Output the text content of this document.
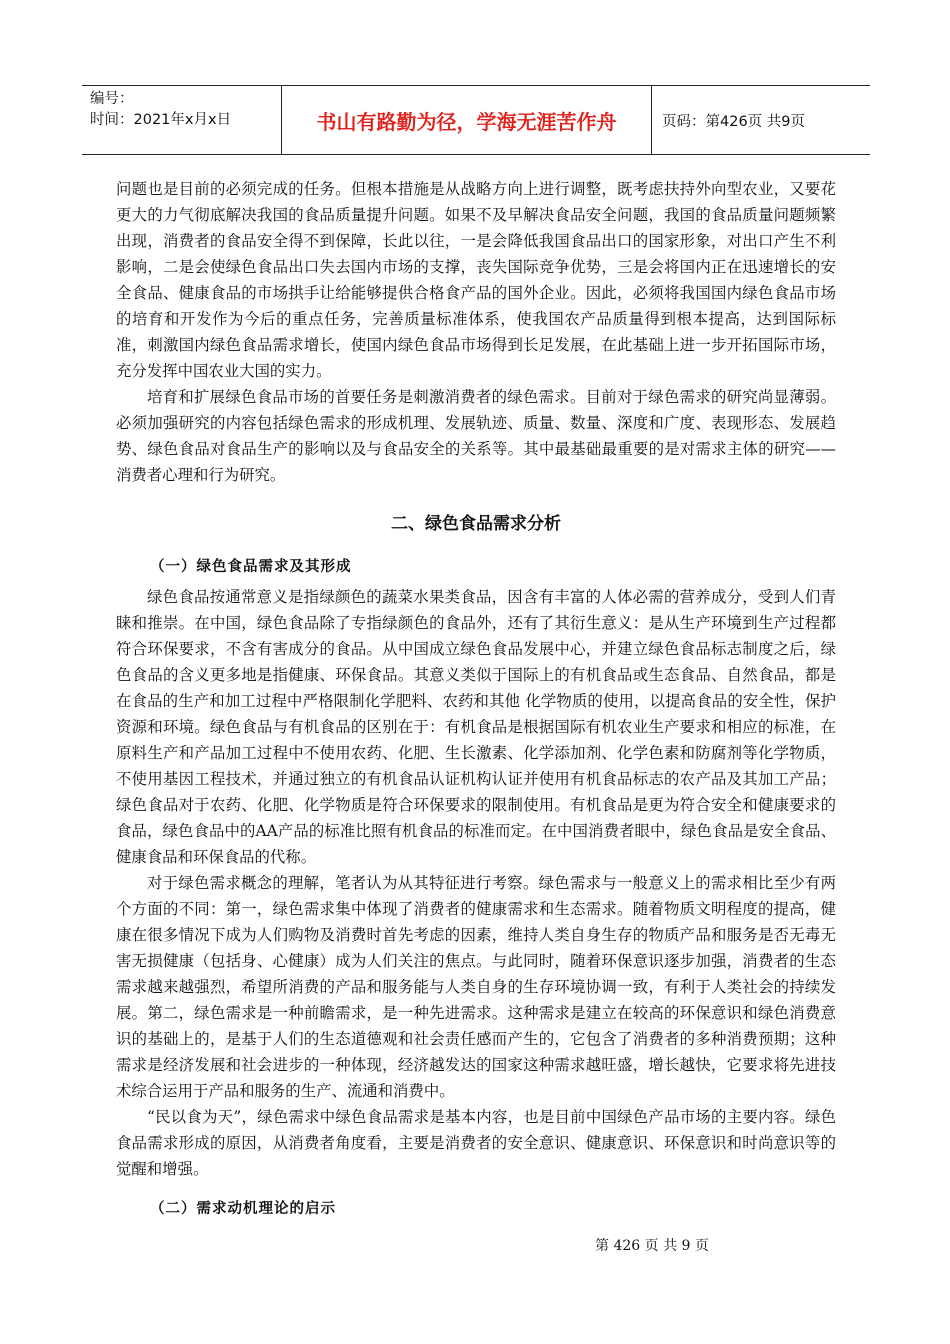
编号：
时间：2021年x月x日	书山有路勤为径，学海无涯苦作舟	页码：第426页 共9页

问题也是目前的必须完成的任务。但根本措施是从战略方向上进行调整，既考虑扶持外向型农业，又要花更大的力气彻底解决我国的食品质量提升问题。如果不及早解决食品安全问题，我国的食品质量问题频繁出现，消费者的食品安全得不到保障，长此以往，一是会降低我国食品出口的国家形象，对出口产生不利影响，二是会使绿色食品出口失去国内市场的支撑，丧失国际竞争优势，三是会将国内正在迅速增长的安全食品、健康食品的市场拱手让给能够提供合格食产品的国外企业。因此，必须将我国国内绿色食品市场的培育和开发作为今后的重点任务，完善质量标准体系，使我国农产品质量得到根本提高，达到国际标准，刺激国内绿色食品需求增长，使国内绿色食品市场得到长足发展，在此基础上进一步开拓国际市场，充分发挥中国农业大国的实力。

培育和扩展绿色食品市场的首要任务是刺激消费者的绿色需求。目前对于绿色需求的研究尚显薄弱。必须加强研究的内容包括绿色需求的形成机理、发展轨迹、质量、数量、深度和广度、表现形态、发展趋势、绿色食品对食品生产的影响以及与食品安全的关系等。其中最基础最重要的是对需求主体的研究——消费者心理和行为研究。

二、绿色食品需求分析

（一）绿色食品需求及其形成

绿色食品按通常意义是指绿颜色的蔬菜水果类食品，因含有丰富的人体必需的营养成分，受到人们青睐和推崇。在中国，绿色食品除了专指绿颜色的食品外，还有了其衍生意义：是从生产环境到生产过程都符合环保要求，不含有害成分的食品。从中国成立绿色食品发展中心，并建立绿色食品标志制度之后，绿色食品的含义更多地是指健康、环保食品。其意义类似于国际上的有机食品或生态食品、自然食品，都是在食品的生产和加工过程中严格限制化学肥料、农药和其他 化学物质的使用，以提高食品的安全性，保护资源和环境。绿色食品与有机食品的区别在于：有机食品是根据国际有机农业生产要求和相应的标准，在原料生产和产品加工过程中不使用农药、化肥、生长激素、化学添加剂、化学色素和防腐剂等化学物质，不使用基因工程技术，并通过独立的有机食品认证机构认证并使用有机食品标志的农产品及其加工产品；绿色食品对于农药、化肥、化学物质是符合环保要求的限制使用。有机食品是更为符合安全和健康要求的食品，绿色食品中的AA产品的标准比照有机食品的标准而定。在中国消费者眼中，绿色食品是安全食品、健康食品和环保食品的代称。

对于绿色需求概念的理解，笔者认为从其特征进行考察。绿色需求与一般意义上的需求相比至少有两个方面的不同：第一，绿色需求集中体现了消费者的健康需求和生态需求。随着物质文明程度的提高，健康在很多情况下成为人们购物及消费时首先考虑的因素，维持人类自身生存的物质产品和服务是否无毒无害无损健康（包括身、心健康）成为人们关注的焦点。与此同时，随着环保意识逐步加强，消费者的生态需求越来越强烈，希望所消费的产品和服务能与人类自身的生存环境协调一致，有利于人类社会的持续发展。第二，绿色需求是一种前瞻需求，是一种先进需求。这种需求是建立在较高的环保意识和绿色消费意识的基础上的，是基于人们的生态道德观和社会责任感而产生的，它包含了消费者的多种消费预期；这种需求是经济发展和社会进步的一种体现，经济越发达的国家这种需求越旺盛，增长越快，它要求将先进技术综合运用于产品和服务的生产、流通和消费中。

“民以食为天”，绿色需求中绿色食品需求是基本内容，也是目前中国绿色产品市场的主要内容。绿色食品需求形成的原因，从消费者角度看，主要是消费者的安全意识、健康意识、环保意识和时尚意识等的觉醒和增强。

（二）需求动机理论的启示

第 426 页 共 9 页
